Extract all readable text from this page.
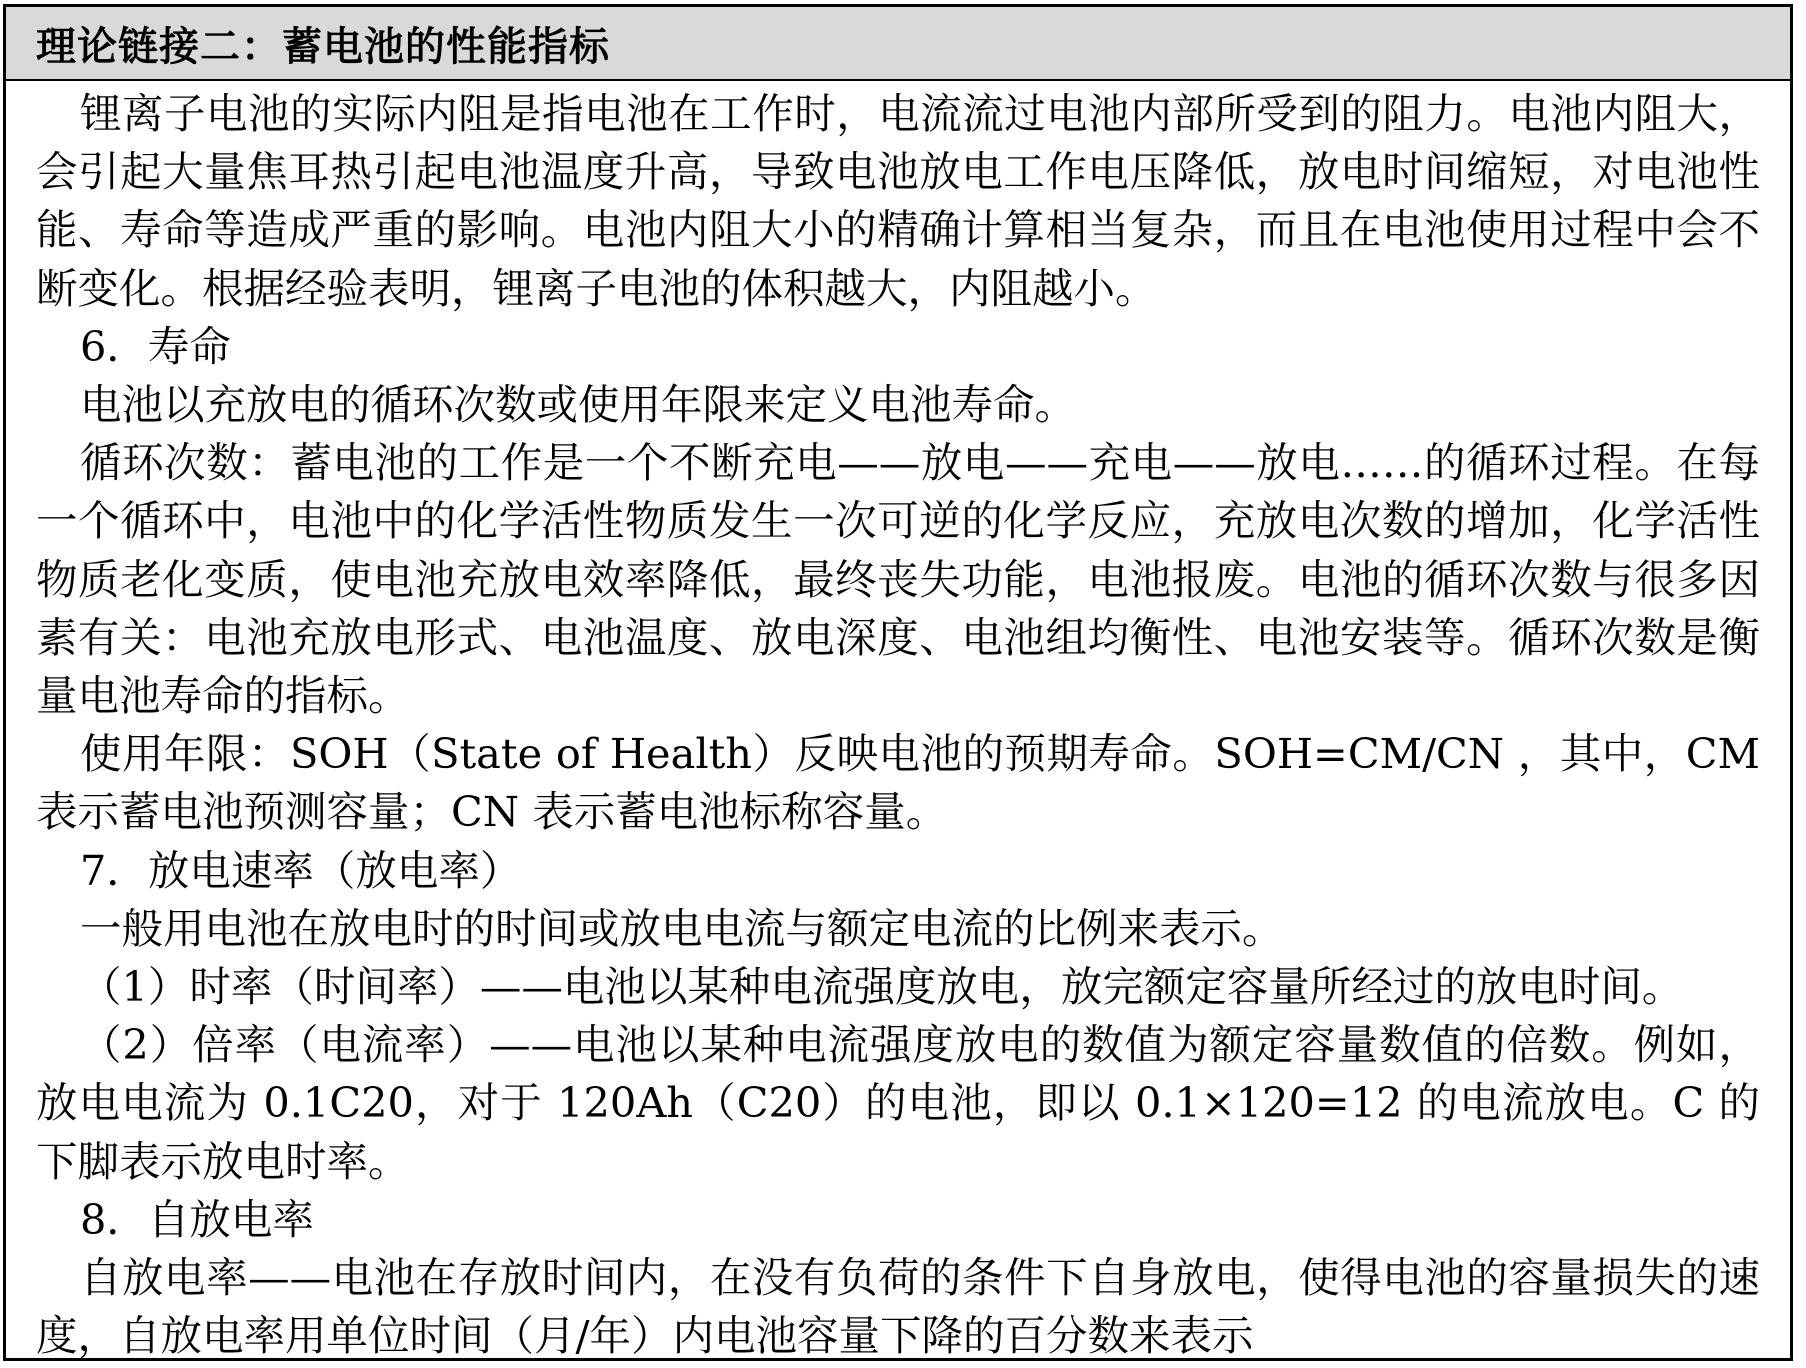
理论链接二：蓄电池的性能指标

锂离子电池的实际内阻是指电池在工作时，电流流过电池内部所受到的阻力。电池内阻大，会引起大量焦耳热引起电池温度升高，导致电池放电工作电压降低，放电时间缩短，对电池性能、寿命等造成严重的影响。电池内阻大小的精确计算相当复杂，而且在电池使用过程中会不断变化。根据经验表明，锂离子电池的体积越大，内阻越小。

6．寿命

电池以充放电的循环次数或使用年限来定义电池寿命。

循环次数：蓄电池的工作是一个不断充电——放电——充电——放电……的循环过程。在每一个循环中，电池中的化学活性物质发生一次可逆的化学反应，充放电次数的增加，化学活性物质老化变质，使电池充放电效率降低，最终丧失功能，电池报废。电池的循环次数与很多因素有关：电池充放电形式、电池温度、放电深度、电池组均衡性、电池安装等。循环次数是衡量电池寿命的指标。

使用年限：SOH（State of Health）反映电池的预期寿命。SOH=CM/CN ，其中，CM 表示蓄电池预测容量；CN 表示蓄电池标称容量。

7．放电速率（放电率）

一般用电池在放电时的时间或放电电流与额定电流的比例来表示。

（1）时率（时间率）——电池以某种电流强度放电，放完额定容量所经过的放电时间。

（2）倍率（电流率）——电池以某种电流强度放电的数值为额定容量数值的倍数。例如，放电电流为 0.1C20，对于 120Ah（C20）的电池，即以 0.1×120=12 的电流放电。C 的下脚表示放电时率。

8．自放电率

自放电率——电池在存放时间内，在没有负荷的条件下自身放电，使得电池的容量损失的速度，自放电率用单位时间（月/年）内电池容量下降的百分数来表示
